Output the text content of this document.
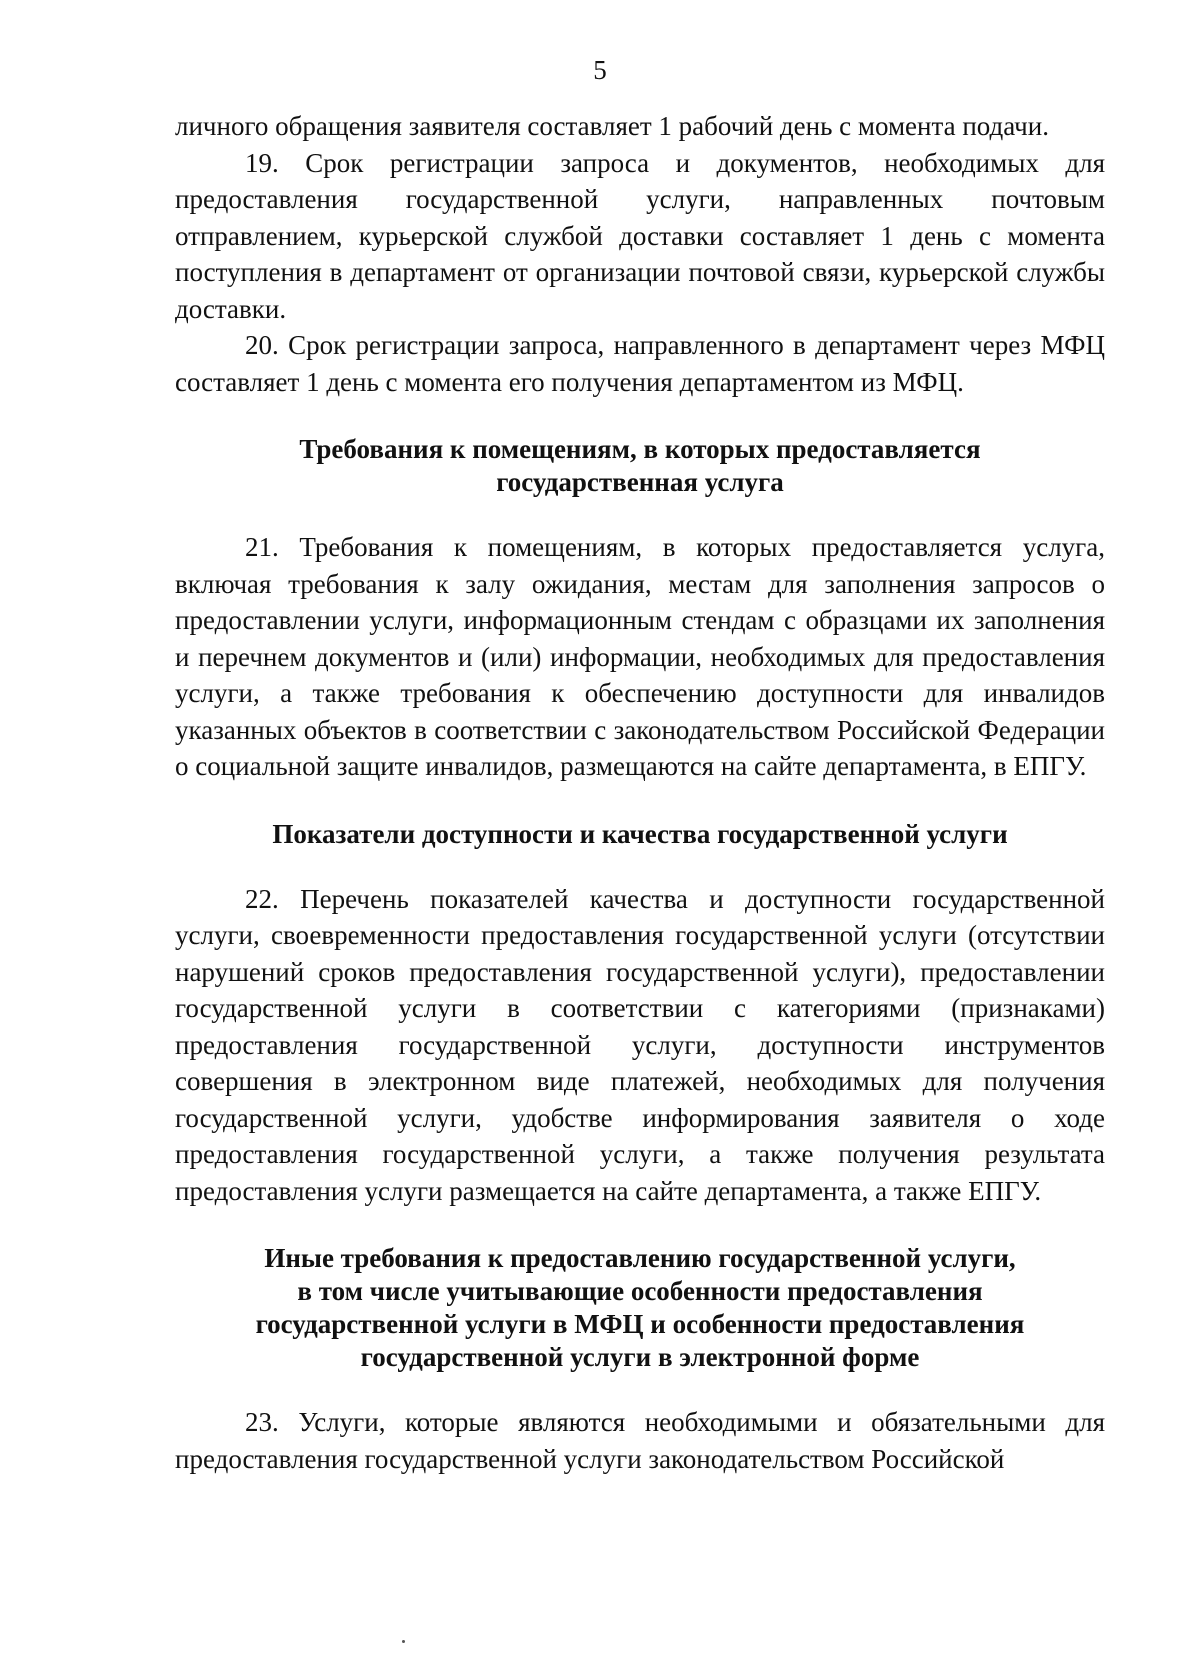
5

личного обращения заявителя составляет 1 рабочий день с момента подачи.

19. Срок регистрации запроса и документов, необходимых для предоставления государственной услуги, направленных почтовым отправлением, курьерской службой доставки составляет 1 день с момента поступления в департамент от организации почтовой связи, курьерской службы доставки.

20. Срок регистрации запроса, направленного в департамент через МФЦ составляет 1 день с момента его получения департаментом из МФЦ.

Требования к помещениям, в которых предоставляется
государственная услуга

21. Требования к помещениям, в которых предоставляется услуга, включая требования к залу ожидания, местам для заполнения запросов о предоставлении услуги, информационным стендам с образцами их заполнения и перечнем документов и (или) информации, необходимых для предоставления услуги, а также требования к обеспечению доступности для инвалидов указанных объектов в соответствии с законодательством Российской Федерации о социальной защите инвалидов, размещаются на сайте департамента, в ЕПГУ.

Показатели доступности и качества государственной услуги

22. Перечень показателей качества и доступности государственной услуги, своевременности предоставления государственной услуги (отсутствии нарушений сроков предоставления государственной услуги), предоставлении государственной услуги в соответствии с категориями (признаками) предоставления государственной услуги, доступности инструментов совершения в электронном виде платежей, необходимых для получения государственной услуги, удобстве информирования заявителя о ходе предоставления государственной услуги, а также получения результата предоставления услуги размещается на сайте департамента, а также ЕПГУ.

Иные требования к предоставлению государственной услуги,
в том числе учитывающие особенности предоставления
государственной услуги в МФЦ и особенности предоставления
государственной услуги в электронной форме

23. Услуги, которые являются необходимыми и обязательными для предоставления государственной услуги законодательством Российской
